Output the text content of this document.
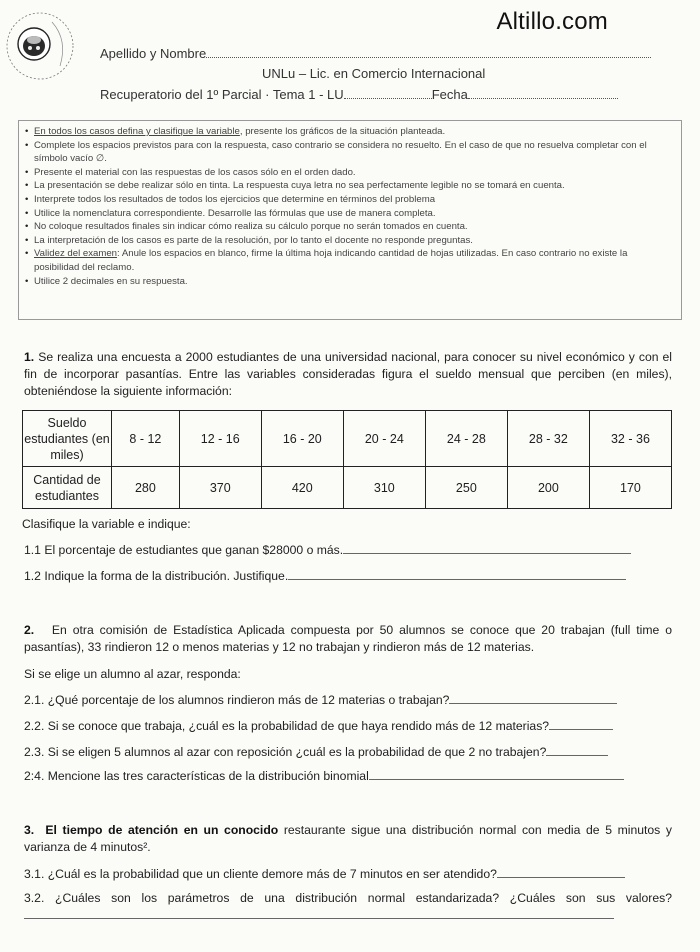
Altillo.com
Apellido y Nombre
UNLu – Lic. en Comercio Internacional
Recuperatorio del 1º Parcial · Tema 1 - LU	Fecha
• En todos los casos defina y clasifique la variable, presente los gráficos de la situación planteada.
• Complete los espacios previstos para con la respuesta, caso contrario se considera no resuelto. En el caso de que no resuelva completar con el símbolo vacío ∅.
• Presente el material con las respuestas de los casos sólo en el orden dado.
• La presentación se debe realizar sólo en tinta. La respuesta cuya letra no sea perfectamente legible no se tomará en cuenta.
• Interprete todos los resultados de todos los ejercicios que determine en términos del problema
• Utilice la nomenclatura correspondiente. Desarrolle las fórmulas que use de manera completa.
• No coloque resultados finales sin indicar cómo realiza su cálculo porque no serán tomados en cuenta.
• La interpretación de los casos es parte de la resolución, por lo tanto el docente no responde preguntas.
• Validez del examen: Anule los espacios en blanco, firme la última hoja indicando cantidad de hojas utilizadas. En caso contrario no existe la posibilidad del reclamo.
• Utilice 2 decimales en su respuesta.
1. Se realiza una encuesta a 2000 estudiantes de una universidad nacional, para conocer su nivel económico y con el fin de incorporar pasantías. Entre las variables consideradas figura el sueldo mensual que perciben (en miles), obteniéndose la siguiente información:
Sueldo estudiantes (en miles)	8 - 12	12 - 16	16 - 20	20 - 24	24 - 28	28 - 32	32 - 36
Cantidad de estudiantes	280	370	420	310	250	200	170
Clasifique la variable e indique:
1.1 El porcentaje de estudiantes que ganan $28000 o más.
1.2 Indique la forma de la distribución. Justifique.
2. En otra comisión de Estadística Aplicada compuesta por 50 alumnos se conoce que 20 trabajan (full time o pasantías), 33 rindieron 12 o menos materias y 12 no trabajan y rindieron más de 12 materias.
Si se elige un alumno al azar, responda:
2.1. ¿Qué porcentaje de los alumnos rindieron más de 12 materias o trabajan?
2.2. Si se conoce que trabaja, ¿cuál es la probabilidad de que haya rendido más de 12 materias?
2.3. Si se eligen 5 alumnos al azar con reposición ¿cuál es la probabilidad de que 2 no trabajen?
2:4. Mencione las tres características de la distribución binomial
3. El tiempo de atención en un conocido restaurante sigue una distribución normal con media de 5 minutos y varianza de 4 minutos².
3.1. ¿Cuál es la probabilidad que un cliente demore más de 7 minutos en ser atendido?
3.2. ¿Cuáles son los parámetros de una distribución normal estandarizada? ¿Cuáles son sus valores?
